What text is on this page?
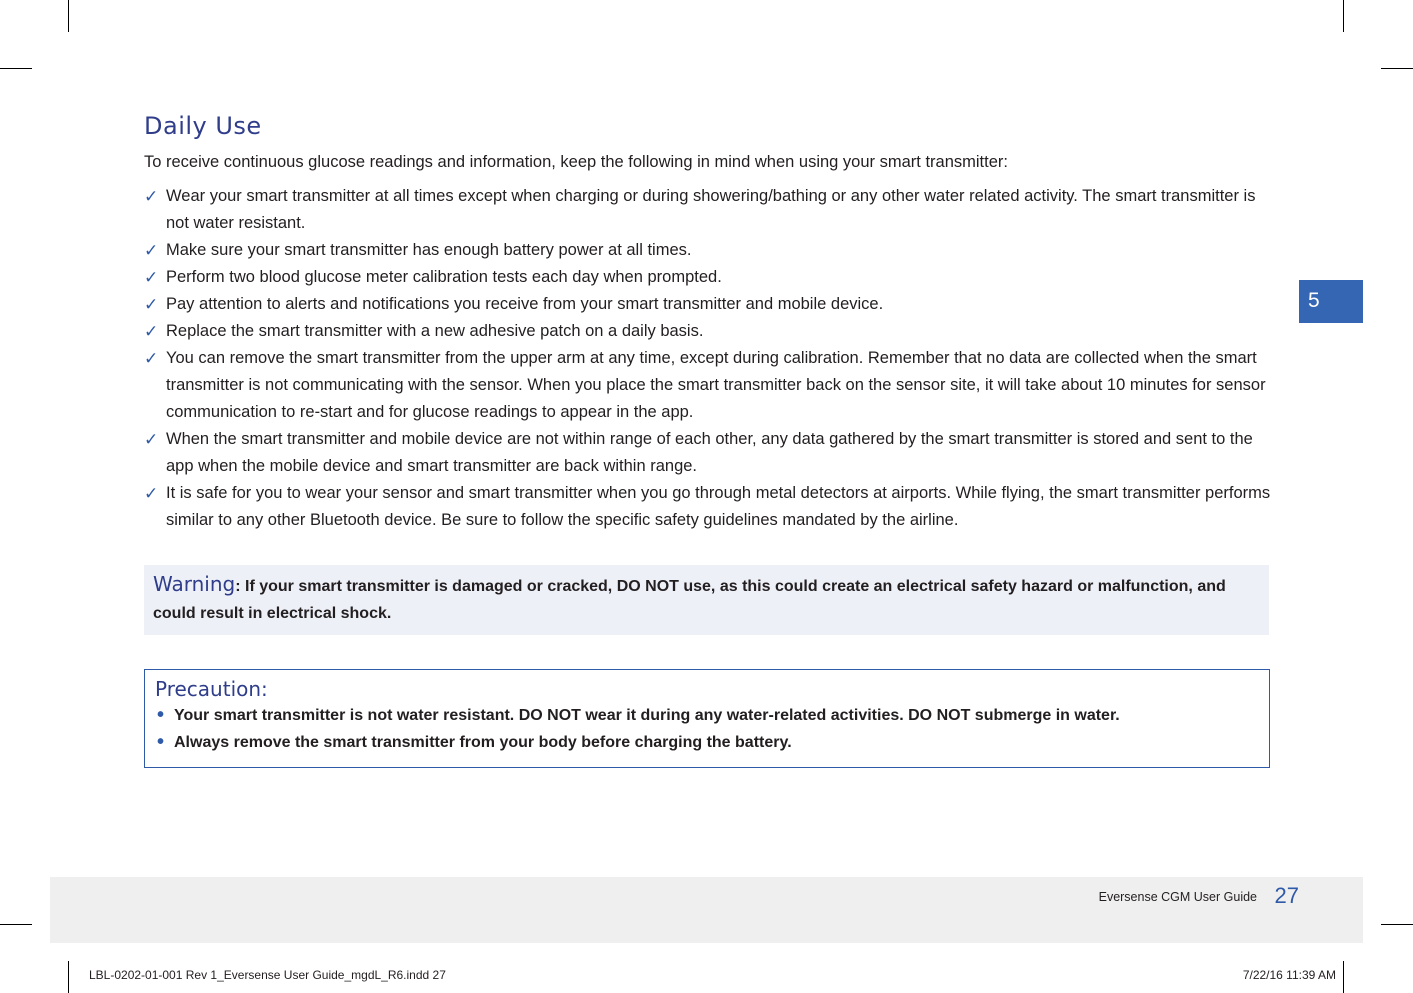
Daily Use
To receive continuous glucose readings and information, keep the following in mind when using your smart transmitter:
✓ Wear your smart transmitter at all times except when charging or during showering/bathing or any other water related activity. The smart transmitter is not water resistant.
✓ Make sure your smart transmitter has enough battery power at all times.
✓ Perform two blood glucose meter calibration tests each day when prompted.
✓ Pay attention to alerts and notifications you receive from your smart transmitter and mobile device.
✓ Replace the smart transmitter with a new adhesive patch on a daily basis.
✓ You can remove the smart transmitter from the upper arm at any time, except during calibration. Remember that no data are collected when the smart transmitter is not communicating with the sensor. When you place the smart transmitter back on the sensor site, it will take about 10 minutes for sensor communication to re-start and for glucose readings to appear in the app.
✓ When the smart transmitter and mobile device are not within range of each other, any data gathered by the smart transmitter is stored and sent to the app when the mobile device and smart transmitter are back within range.
✓ It is safe for you to wear your sensor and smart transmitter when you go through metal detectors at airports. While flying, the smart transmitter performs similar to any other Bluetooth device. Be sure to follow the specific safety guidelines mandated by the airline.
Warning: If your smart transmitter is damaged or cracked, DO NOT use, as this could create an electrical safety hazard or malfunction, and could result in electrical shock.
Precaution:
• Your smart transmitter is not water resistant. DO NOT wear it during any water-related activities. DO NOT submerge in water.
• Always remove the smart transmitter from your body before charging the battery.
5
Eversense CGM User Guide 27
LBL-0202-01-001 Rev 1_Eversense User Guide_mgdL_R6.indd 27	7/22/16 11:39 AM
